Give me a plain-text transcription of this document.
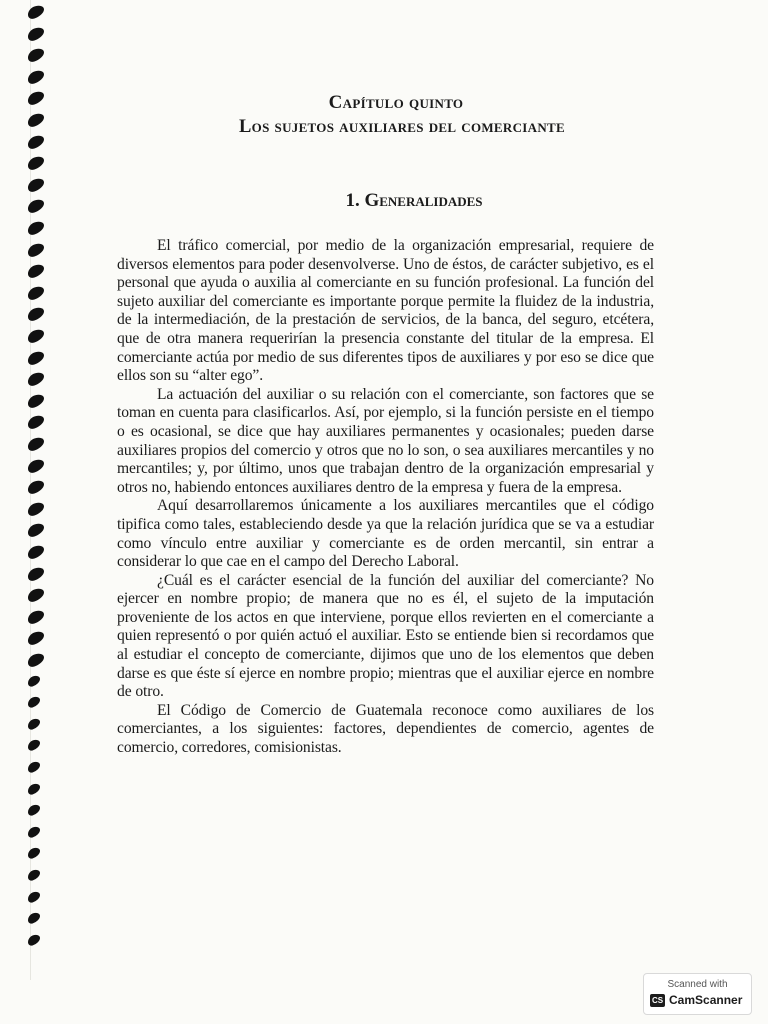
Capítulo quinto
Los sujetos auxiliares del comerciante
1. Generalidades

El tráfico comercial, por medio de la organización empresarial, requiere de diversos elementos para poder desenvolverse. Uno de éstos, de carácter subjetivo, es el personal que ayuda o auxilia al comerciante en su función profesional. La función del sujeto auxiliar del comerciante es importante porque permite la fluidez de la industria, de la intermediación, de la prestación de servicios, de la banca, del seguro, etcétera, que de otra manera requerirían la presencia constante del titular de la empresa. El comerciante actúa por medio de sus diferentes tipos de auxiliares y por eso se dice que ellos son su “alter ego”.

La actuación del auxiliar o su relación con el comerciante, son factores que se toman en cuenta para clasificarlos. Así, por ejemplo, si la función persiste en el tiempo o es ocasional, se dice que hay auxiliares permanentes y ocasionales; pueden darse auxiliares propios del comercio y otros que no lo son, o sea auxiliares mercantiles y no mercantiles; y, por último, unos que trabajan dentro de la organización empresarial y otros no, habiendo entonces auxiliares dentro de la empresa y fuera de la empresa.

Aquí desarrollaremos únicamente a los auxiliares mercantiles que el código tipifica como tales, estableciendo desde ya que la relación jurídica que se va a estudiar como vínculo entre auxiliar y comerciante es de orden mercantil, sin entrar a considerar lo que cae en el campo del Derecho Laboral.

¿Cuál es el carácter esencial de la función del auxiliar del comerciante? No ejercer en nombre propio; de manera que no es él, el sujeto de la imputación proveniente de los actos en que interviene, porque ellos revierten en el comerciante a quien representó o por quién actuó el auxiliar. Esto se entiende bien si recordamos que al estudiar el concepto de comerciante, dijimos que uno de los elementos que deben darse es que éste sí ejerce en nombre propio; mientras que el auxiliar ejerce en nombre de otro.

El Código de Comercio de Guatemala reconoce como auxiliares de los comerciantes, a los siguientes: factores, dependientes de comercio, agentes de comercio, corredores, comisionistas.

Scanned with
CS CamScanner
